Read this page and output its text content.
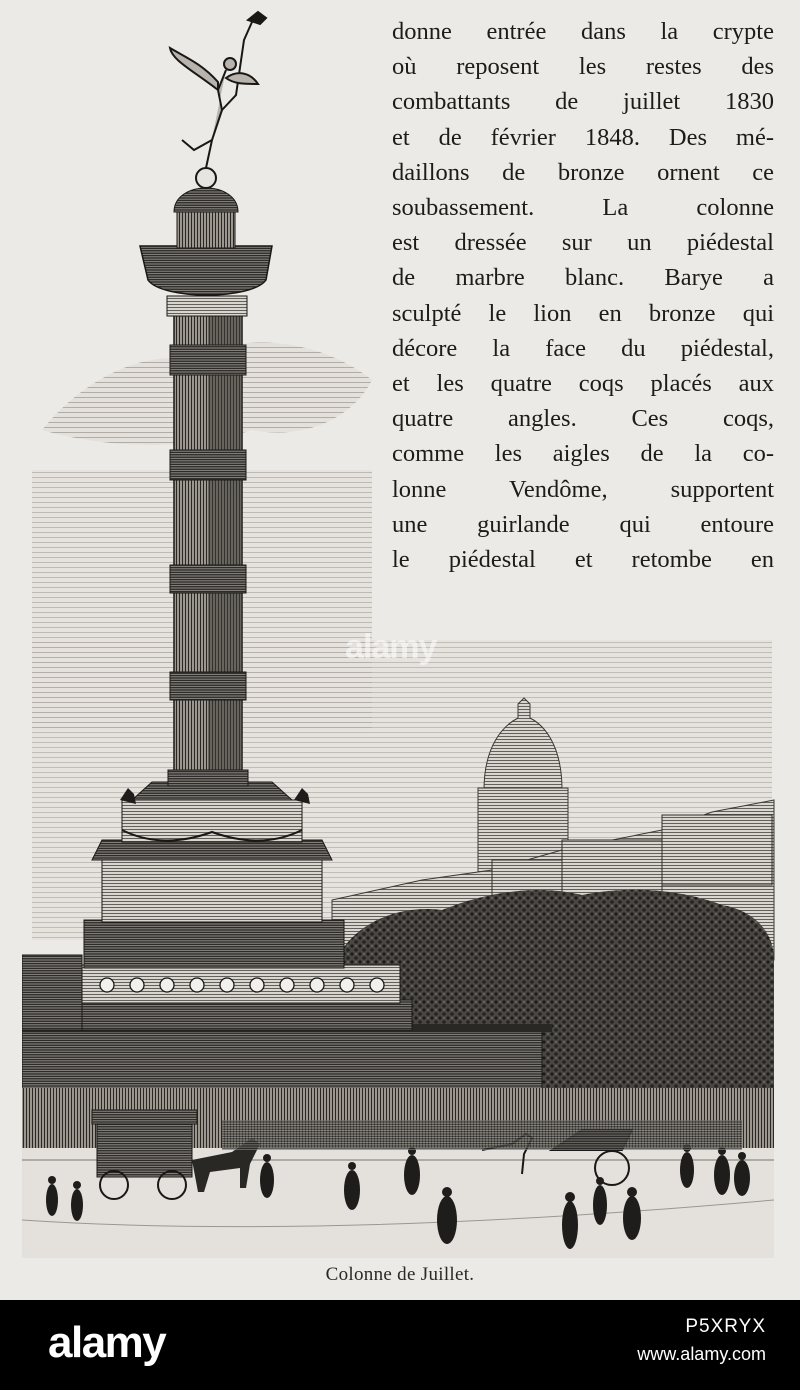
donne entrée dans la crypte
où reposent les restes des
combattants de juillet 1830
et de février 1848. Des mé-
daillons de bronze ornent ce
soubassement. La colonne
est dressée sur un piédestal
de marbre blanc. Barye a
sculpté le lion en bronze qui
décore la face du piédestal,
et les quatre coqs placés aux
quatre angles. Ces coqs,
comme les aigles de la co-
lonne Vendôme, supportent
une guirlande qui entoure
le piédestal et retombe en
alamy
Colonne de Juillet.
alamy	P5XRYX
www.alamy.com
